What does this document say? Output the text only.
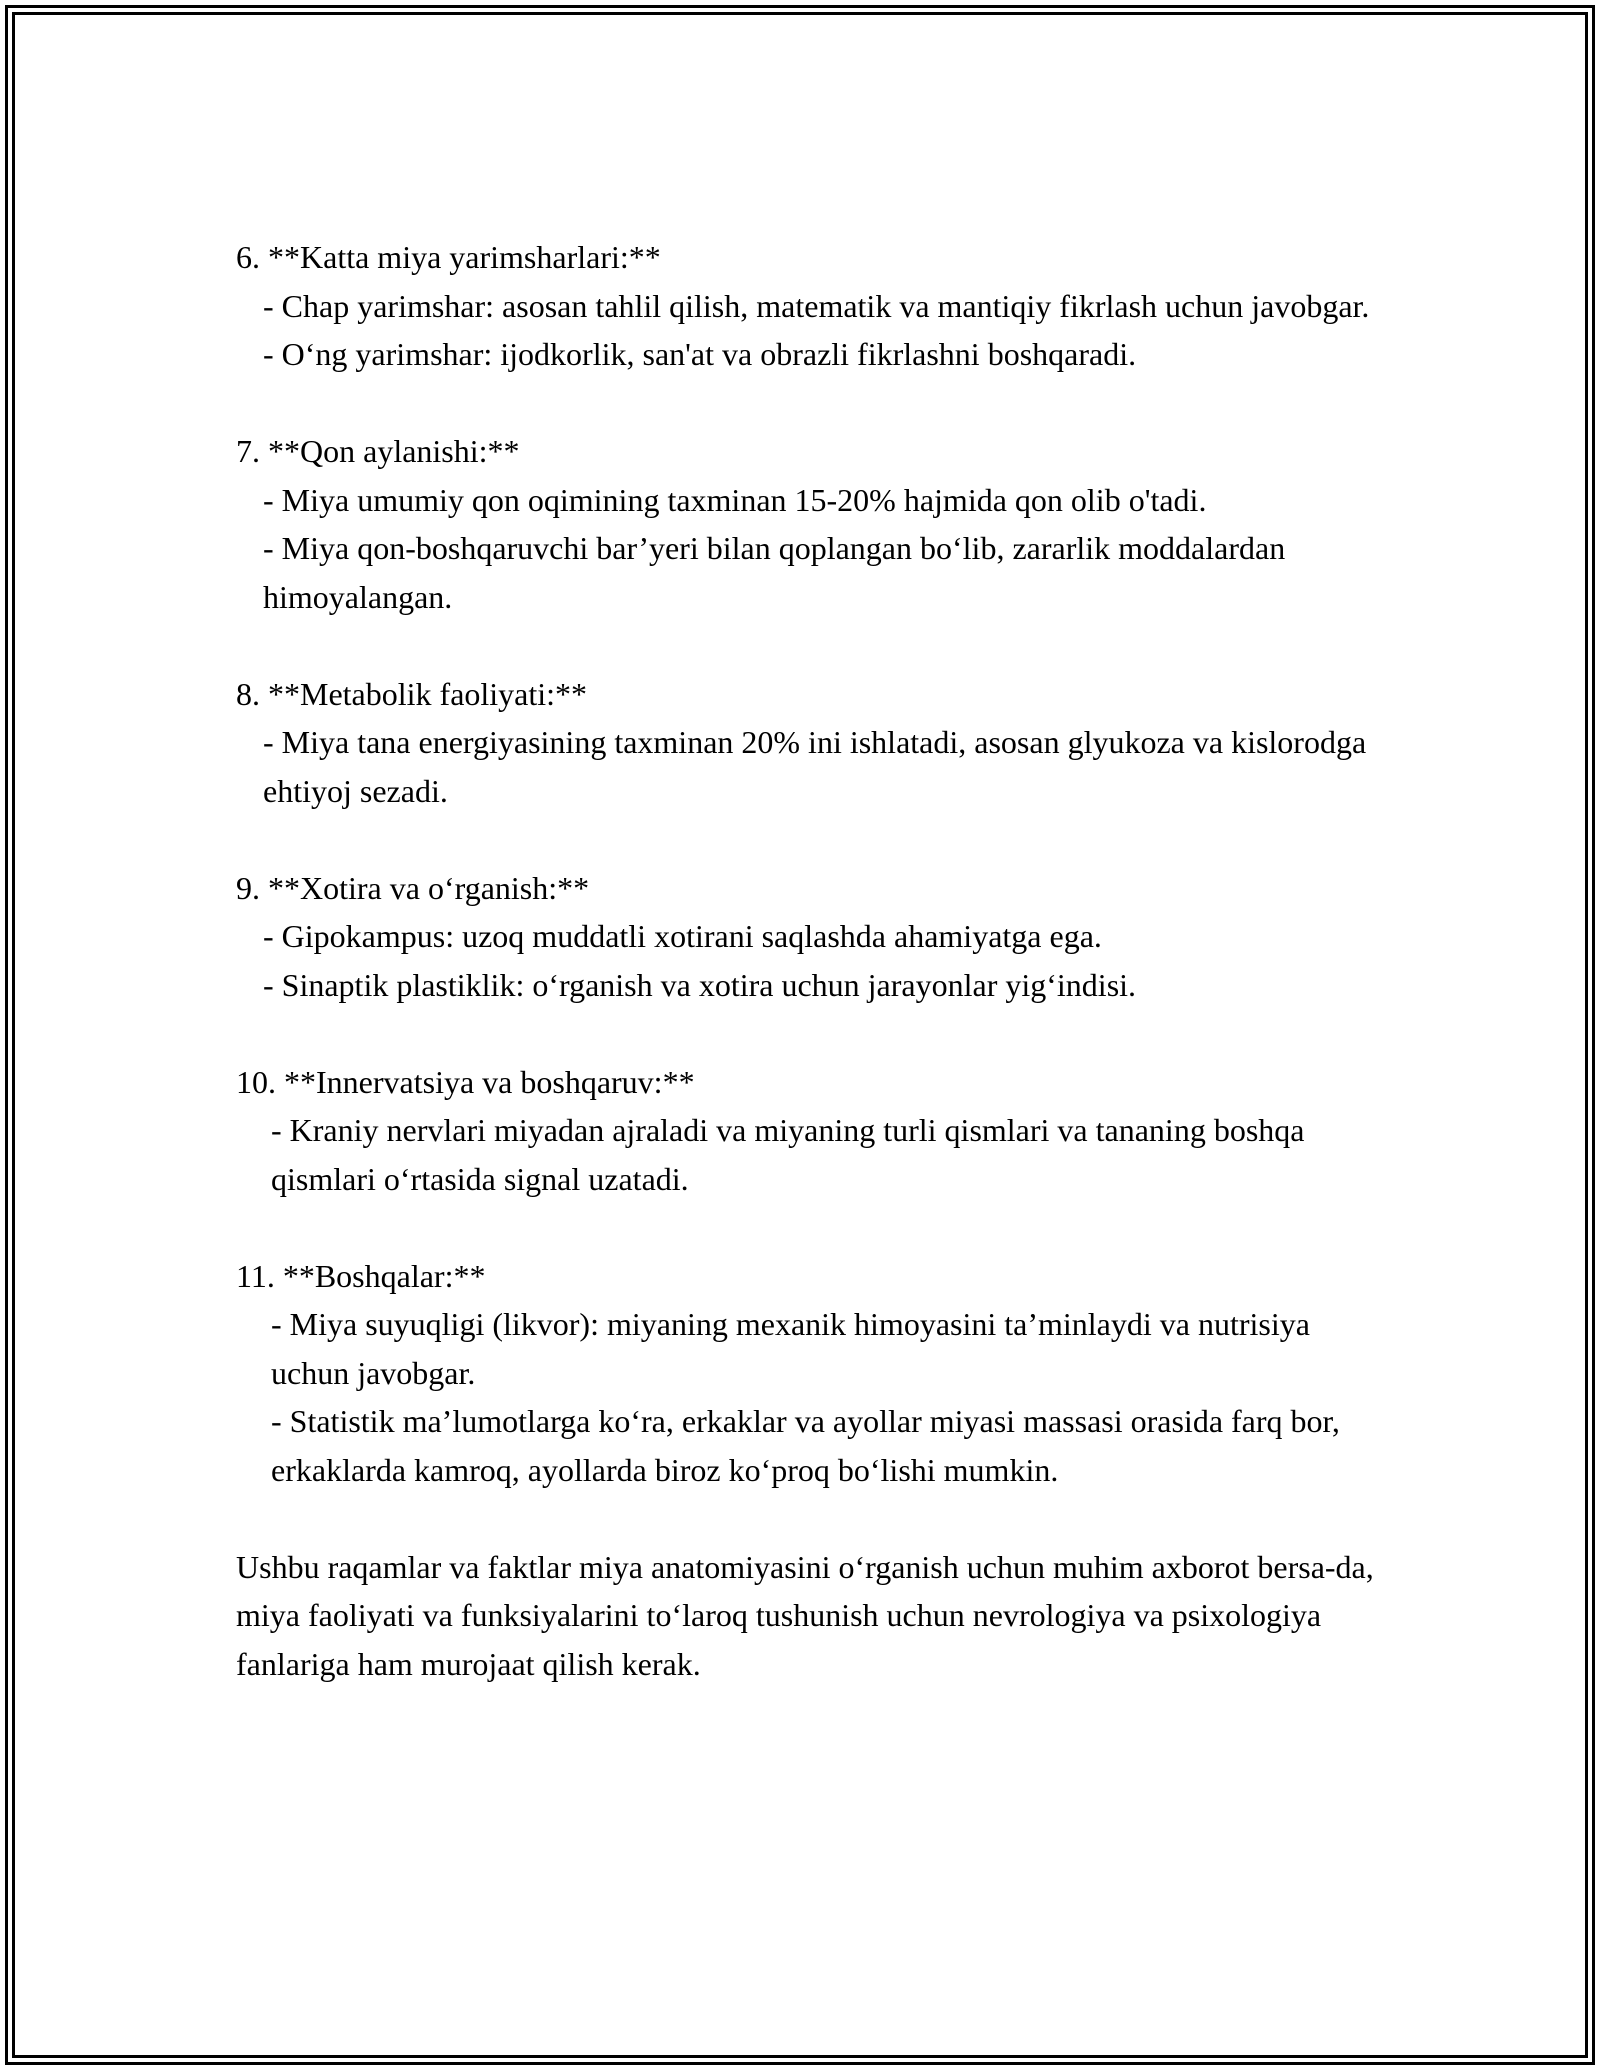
6. **Katta miya yarimsharlari:**

- Chap yarimshar: asosan tahlil qilish, matematik va mantiqiy fikrlash uchun javobgar.

- O‘ng yarimshar: ijodkorlik, san'at va obrazli fikrlashni boshqaradi.

7. **Qon aylanishi:**

- Miya umumiy qon oqimining taxminan 15-20% hajmida qon olib o'tadi.

- Miya qon-boshqaruvchi bar’yeri bilan qoplangan bo‘lib, zararlik moddalardan himoyalangan.

8. **Metabolik faoliyati:**

- Miya tana energiyasining taxminan 20% ini ishlatadi, asosan glyukoza va kislorodga ehtiyoj sezadi.

9. **Xotira va o‘rganish:**

- Gipokampus: uzoq muddatli xotirani saqlashda ahamiyatga ega.

- Sinaptik plastiklik: o‘rganish va xotira uchun jarayonlar yig‘indisi.

10. **Innervatsiya va boshqaruv:**

- Kraniy nervlari miyadan ajraladi va miyaning turli qismlari va tananing boshqa qismlari o‘rtasida signal uzatadi.

11. **Boshqalar:**

- Miya suyuqligi (likvor): miyaning mexanik himoyasini ta’minlaydi va nutrisiya uchun javobgar.

- Statistik ma’lumotlarga ko‘ra, erkaklar va ayollar miyasi massasi orasida farq bor, erkaklarda kamroq, ayollarda biroz ko‘proq bo‘lishi mumkin.

Ushbu raqamlar va faktlar miya anatomiyasini o‘rganish uchun muhim axborot bersa-da, miya faoliyati va funksiyalarini to‘laroq tushunish uchun nevrologiya va psixologiya fanlariga ham murojaat qilish kerak.
